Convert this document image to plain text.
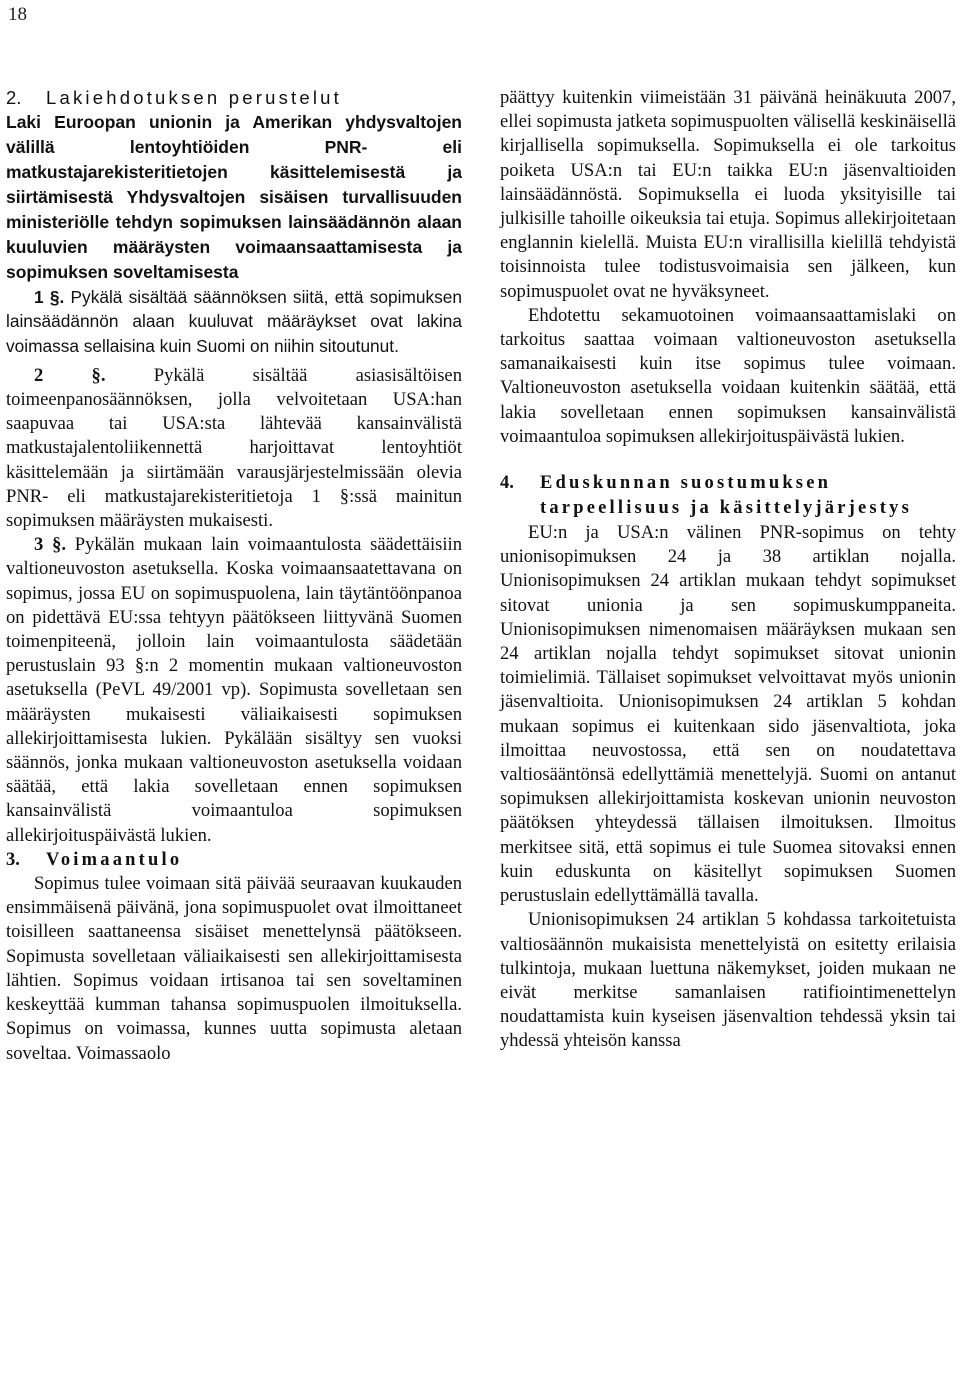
18

2. Lakiehdotuksen perustelut

Laki Euroopan unionin ja Amerikan yhdysvaltojen välillä lentoyhtiöiden PNR- eli matkustajarekisteritietojen käsittelemisestä ja siirtämisestä Yhdysvaltojen sisäisen turvallisuuden ministeriölle tehdyn sopimuksen lainsäädännön alaan kuuluvien määräysten voimaansaattamisesta ja sopimuksen soveltamisesta

1 §. Pykälä sisältää säännöksen siitä, että sopimuksen lainsäädännön alaan kuuluvat määräykset ovat lakina voimassa sellaisina kuin Suomi on niihin sitoutunut.

2 §. Pykälä sisältää asiasisältöisen toimeenpanosäännöksen, jolla velvoitetaan USA:han saapuvaa tai USA:sta lähtevää kansainvälistä matkustajalentoliikennettä harjoittavat lentoyhtiöt käsittelemään ja siirtämään varausjärjestelmissään olevia PNR- eli matkustajarekisteritietoja 1 §:ssä mainitun sopimuksen määräysten mukaisesti.

3 §. Pykälän mukaan lain voimaantulosta säädettäisiin valtioneuvoston asetuksella. Koska voimaansaatettavana on sopimus, jossa EU on sopimuspuolena, lain täytäntöönpanoa on pidettävä EU:ssa tehtyyn päätökseen liittyvänä Suomen toimenpiteenä, jolloin lain voimaantulosta säädetään perustuslain 93 §:n 2 momentin mukaan valtioneuvoston asetuksella (PeVL 49/2001 vp). Sopimusta sovelletaan sen määräysten mukaisesti väliaikaisesti sopimuksen allekirjoittamisesta lukien. Pykälään sisältyy sen vuoksi säännös, jonka mukaan valtioneuvoston asetuksella voidaan säätää, että lakia sovelletaan ennen sopimuksen kansainvälistä voimaantuloa sopimuksen allekirjoituspäivästä lukien.

3. Voimaantulo

Sopimus tulee voimaan sitä päivää seuraavan kuukauden ensimmäisenä päivänä, jona sopimuspuolet ovat ilmoittaneet toisilleen saattaneensa sisäiset menettelynsä päätökseen. Sopimusta sovelletaan väliaikaisesti sen allekirjoittamisesta lähtien. Sopimus voidaan irtisanoa tai sen soveltaminen keskeyttää kumman tahansa sopimuspuolen ilmoituksella. Sopimus on voimassa, kunnes uutta sopimusta aletaan soveltaa. Voimassaolo

päättyy kuitenkin viimeistään 31 päivänä heinäkuuta 2007, ellei sopimusta jatketa sopimuspuolten välisellä keskinäisellä kirjallisella sopimuksella. Sopimuksella ei ole tarkoitus poiketa USA:n tai EU:n taikka EU:n jäsenvaltioiden lainsäädännöstä. Sopimuksella ei luoda yksityisille tai julkisille tahoille oikeuksia tai etuja. Sopimus allekirjoitetaan englannin kielellä. Muista EU:n virallisilla kielillä tehdyistä toisinnoista tulee todistusvoimaisia sen jälkeen, kun sopimuspuolet ovat ne hyväksyneet.

Ehdotettu sekamuotoinen voimaansaattamislaki on tarkoitus saattaa voimaan valtioneuvoston asetuksella samanaikaisesti kuin itse sopimus tulee voimaan. Valtioneuvoston asetuksella voidaan kuitenkin säätää, että lakia sovelletaan ennen sopimuksen kansainvälistä voimaantuloa sopimuksen allekirjoituspäivästä lukien.

4. Eduskunnan suostumuksen
tarpeellisuus ja käsittelyjärjestys

EU:n ja USA:n välinen PNR-sopimus on tehty unionisopimuksen 24 ja 38 artiklan nojalla. Unionisopimuksen 24 artiklan mukaan tehdyt sopimukset sitovat unionia ja sen sopimuskumppaneita. Unionisopimuksen nimenomaisen määräyksen mukaan sen 24 artiklan nojalla tehdyt sopimukset sitovat unionin toimielimiä. Tällaiset sopimukset velvoittavat myös unionin jäsenvaltioita. Unionisopimuksen 24 artiklan 5 kohdan mukaan sopimus ei kuitenkaan sido jäsenvaltiota, joka ilmoittaa neuvostossa, että sen on noudatettava valtiosääntönsä edellyttämiä menettelyjä. Suomi on antanut sopimuksen allekirjoittamista koskevan unionin neuvoston päätöksen yhteydessä tällaisen ilmoituksen. Ilmoitus merkitsee sitä, että sopimus ei tule Suomea sitovaksi ennen kuin eduskunta on käsitellyt sopimuksen Suomen perustuslain edellyttämällä tavalla.

Unionisopimuksen 24 artiklan 5 kohdassa tarkoitetuista valtiosäännön mukaisista menettelyistä on esitetty erilaisia tulkintoja, mukaan luettuna näkemykset, joiden mukaan ne eivät merkitse samanlaisen ratifiointimenettelyn noudattamista kuin kyseisen jäsenvaltion tehdessä yksin tai yhdessä yhteisön kanssa
